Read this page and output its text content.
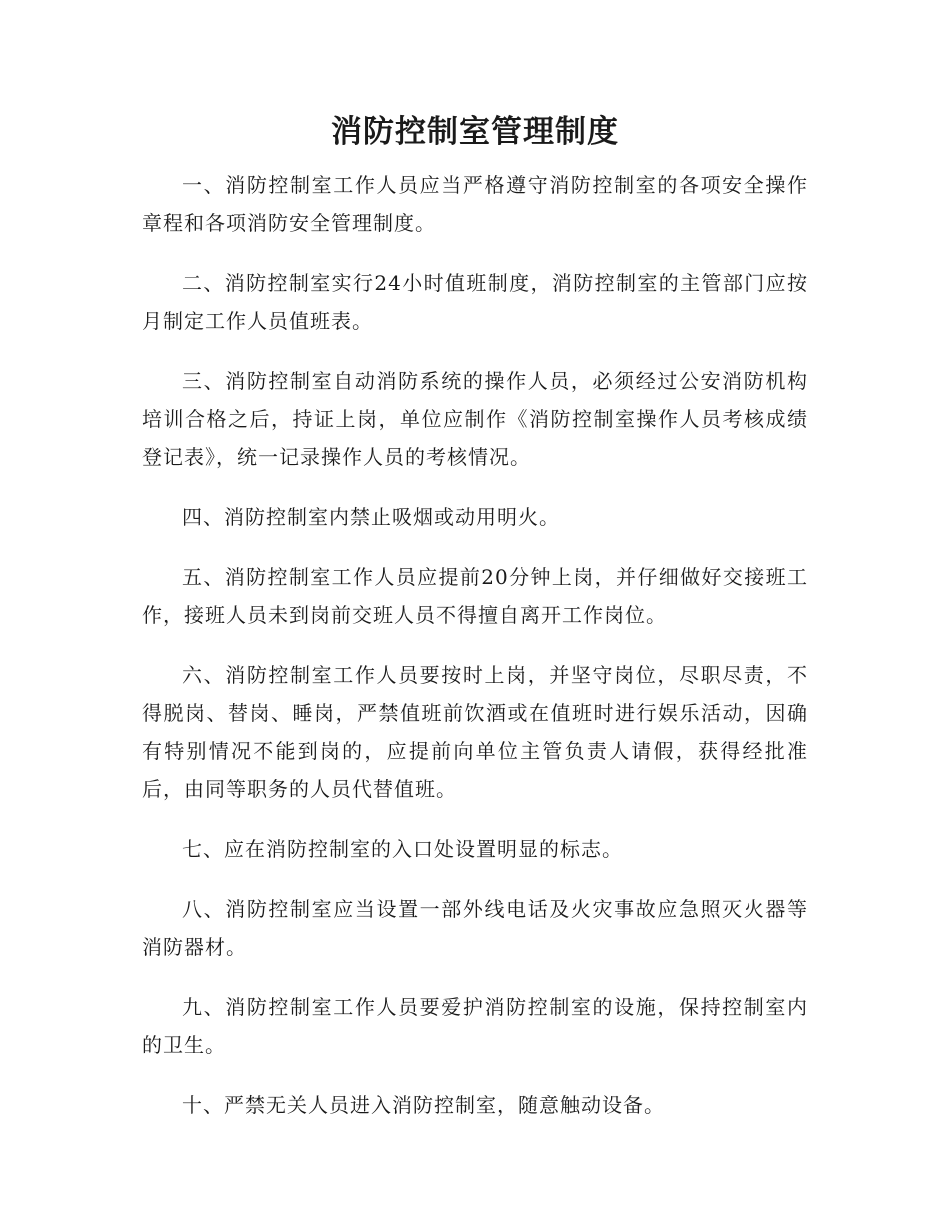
消防控制室管理制度

一、消防控制室工作人员应当严格遵守消防控制室的各项安全操作章程和各项消防安全管理制度。

二、消防控制室实行24小时值班制度，消防控制室的主管部门应按月制定工作人员值班表。

三、消防控制室自动消防系统的操作人员，必须经过公安消防机构培训合格之后，持证上岗，单位应制作《消防控制室操作人员考核成绩登记表》，统一记录操作人员的考核情况。

四、消防控制室内禁止吸烟或动用明火。

五、消防控制室工作人员应提前20分钟上岗，并仔细做好交接班工作，接班人员未到岗前交班人员不得擅自离开工作岗位。

六、消防控制室工作人员要按时上岗，并坚守岗位，尽职尽责，不得脱岗、替岗、睡岗，严禁值班前饮酒或在值班时进行娱乐活动，因确有特别情况不能到岗的，应提前向单位主管负责人请假，获得经批准后，由同等职务的人员代替值班。

七、应在消防控制室的入口处设置明显的标志。

八、消防控制室应当设置一部外线电话及火灾事故应急照灭火器等消防器材。

九、消防控制室工作人员要爱护消防控制室的设施，保持控制室内的卫生。

十、严禁无关人员进入消防控制室，随意触动设备。
